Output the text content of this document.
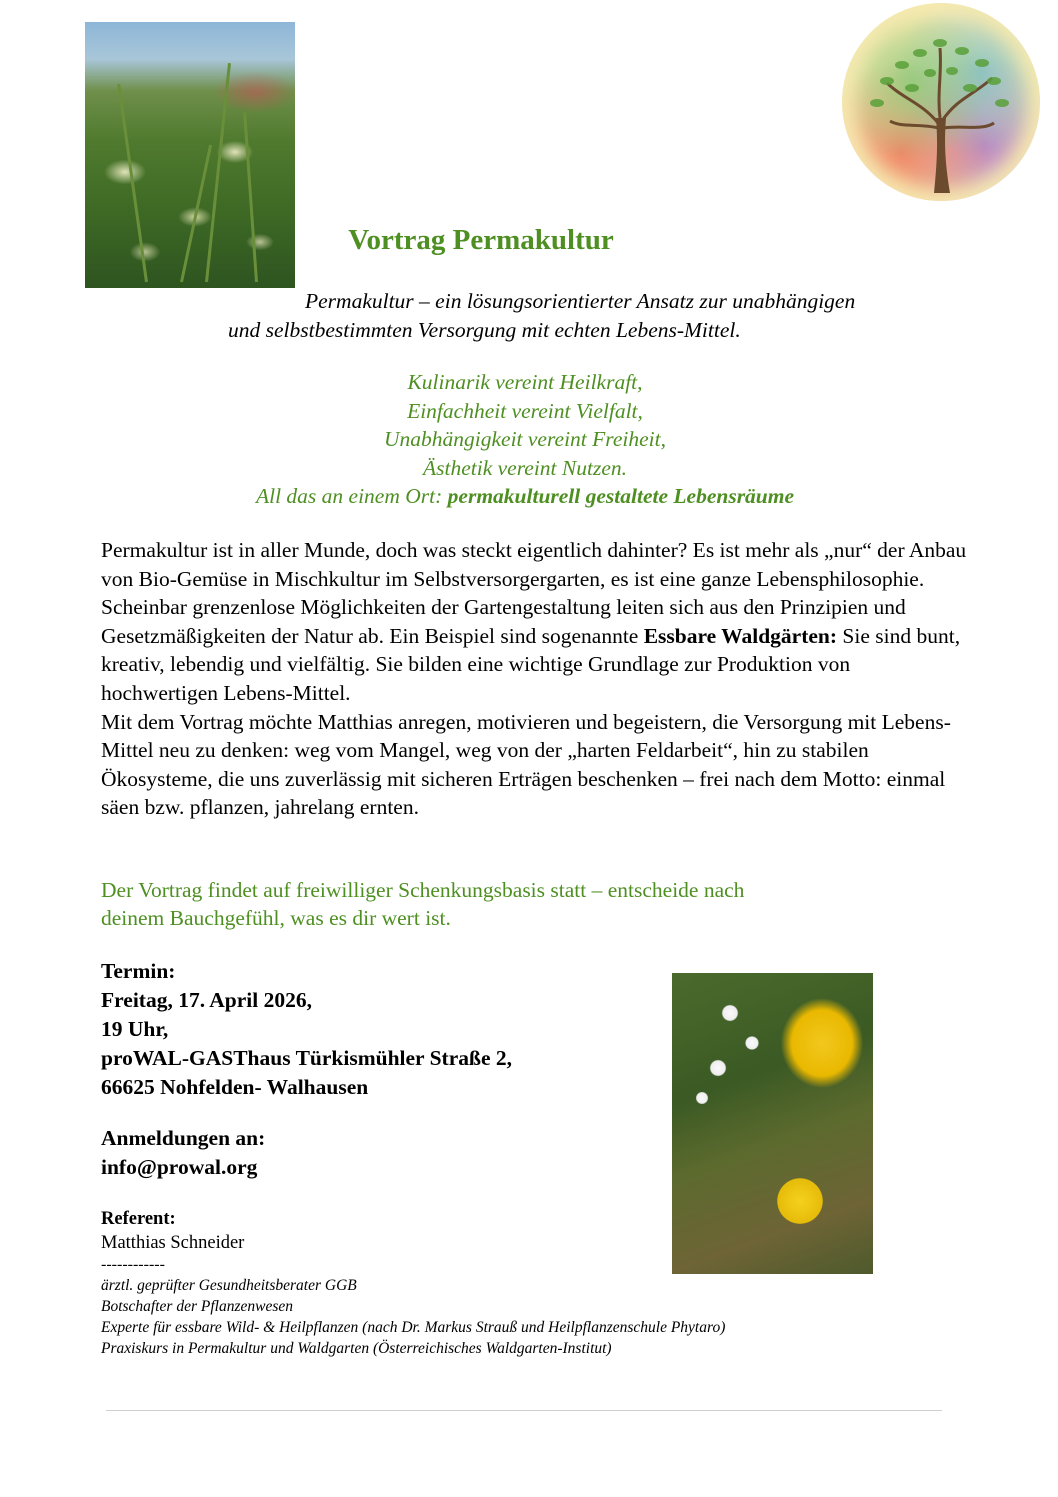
Vortrag Permakultur
Permakultur – ein lösungsorientierter Ansatz zur unabhängigen
und selbstbestimmten Versorgung mit echten Lebens-Mittel.
Kulinarik vereint Heilkraft,
Einfachheit vereint Vielfalt,
Unabhängigkeit vereint Freiheit,
Ästhetik vereint Nutzen.
All das an einem Ort: permakulturell gestaltete Lebensräume

Permakultur ist in aller Munde, doch was steckt eigentlich dahinter? Es ist mehr als „nur“ der Anbau von Bio-Gemüse in Mischkultur im Selbstversorgergarten, es ist eine ganze Lebensphilosophie. Scheinbar grenzenlose Möglichkeiten der Gartengestaltung leiten sich aus den Prinzipien und Gesetzmäßigkeiten der Natur ab. Ein Beispiel sind sogenannte Essbare Waldgärten: Sie sind bunt, kreativ, lebendig und vielfältig. Sie bilden eine wichtige Grundlage zur Produktion von hochwertigen Lebens-Mittel.

Mit dem Vortrag möchte Matthias anregen, motivieren und begeistern, die Versorgung mit Lebens-Mittel neu zu denken: weg vom Mangel, weg von der „harten Feldarbeit“, hin zu stabilen Ökosysteme, die uns zuverlässig mit sicheren Erträgen beschenken – frei nach dem Motto: einmal säen bzw. pflanzen, jahrelang ernten.

Der Vortrag findet auf freiwilliger Schenkungsbasis statt – entscheide nach
deinem Bauchgefühl, was es dir wert ist.
Termin:
Freitag, 17. April 2026,
19 Uhr,
proWAL-GASThaus Türkismühler Straße 2,
66625 Nohfelden- Walhausen
Anmeldungen an:
info@prowal.org
Referent:
Matthias Schneider
------------
ärztl. geprüfter Gesundheitsberater GGB
Botschafter der Pflanzenwesen
Experte für essbare Wild- & Heilpflanzen (nach Dr. Markus Strauß und Heilpflanzenschule Phytaro)
Praxiskurs in Permakultur und Waldgarten (Österreichisches Waldgarten-Institut)
